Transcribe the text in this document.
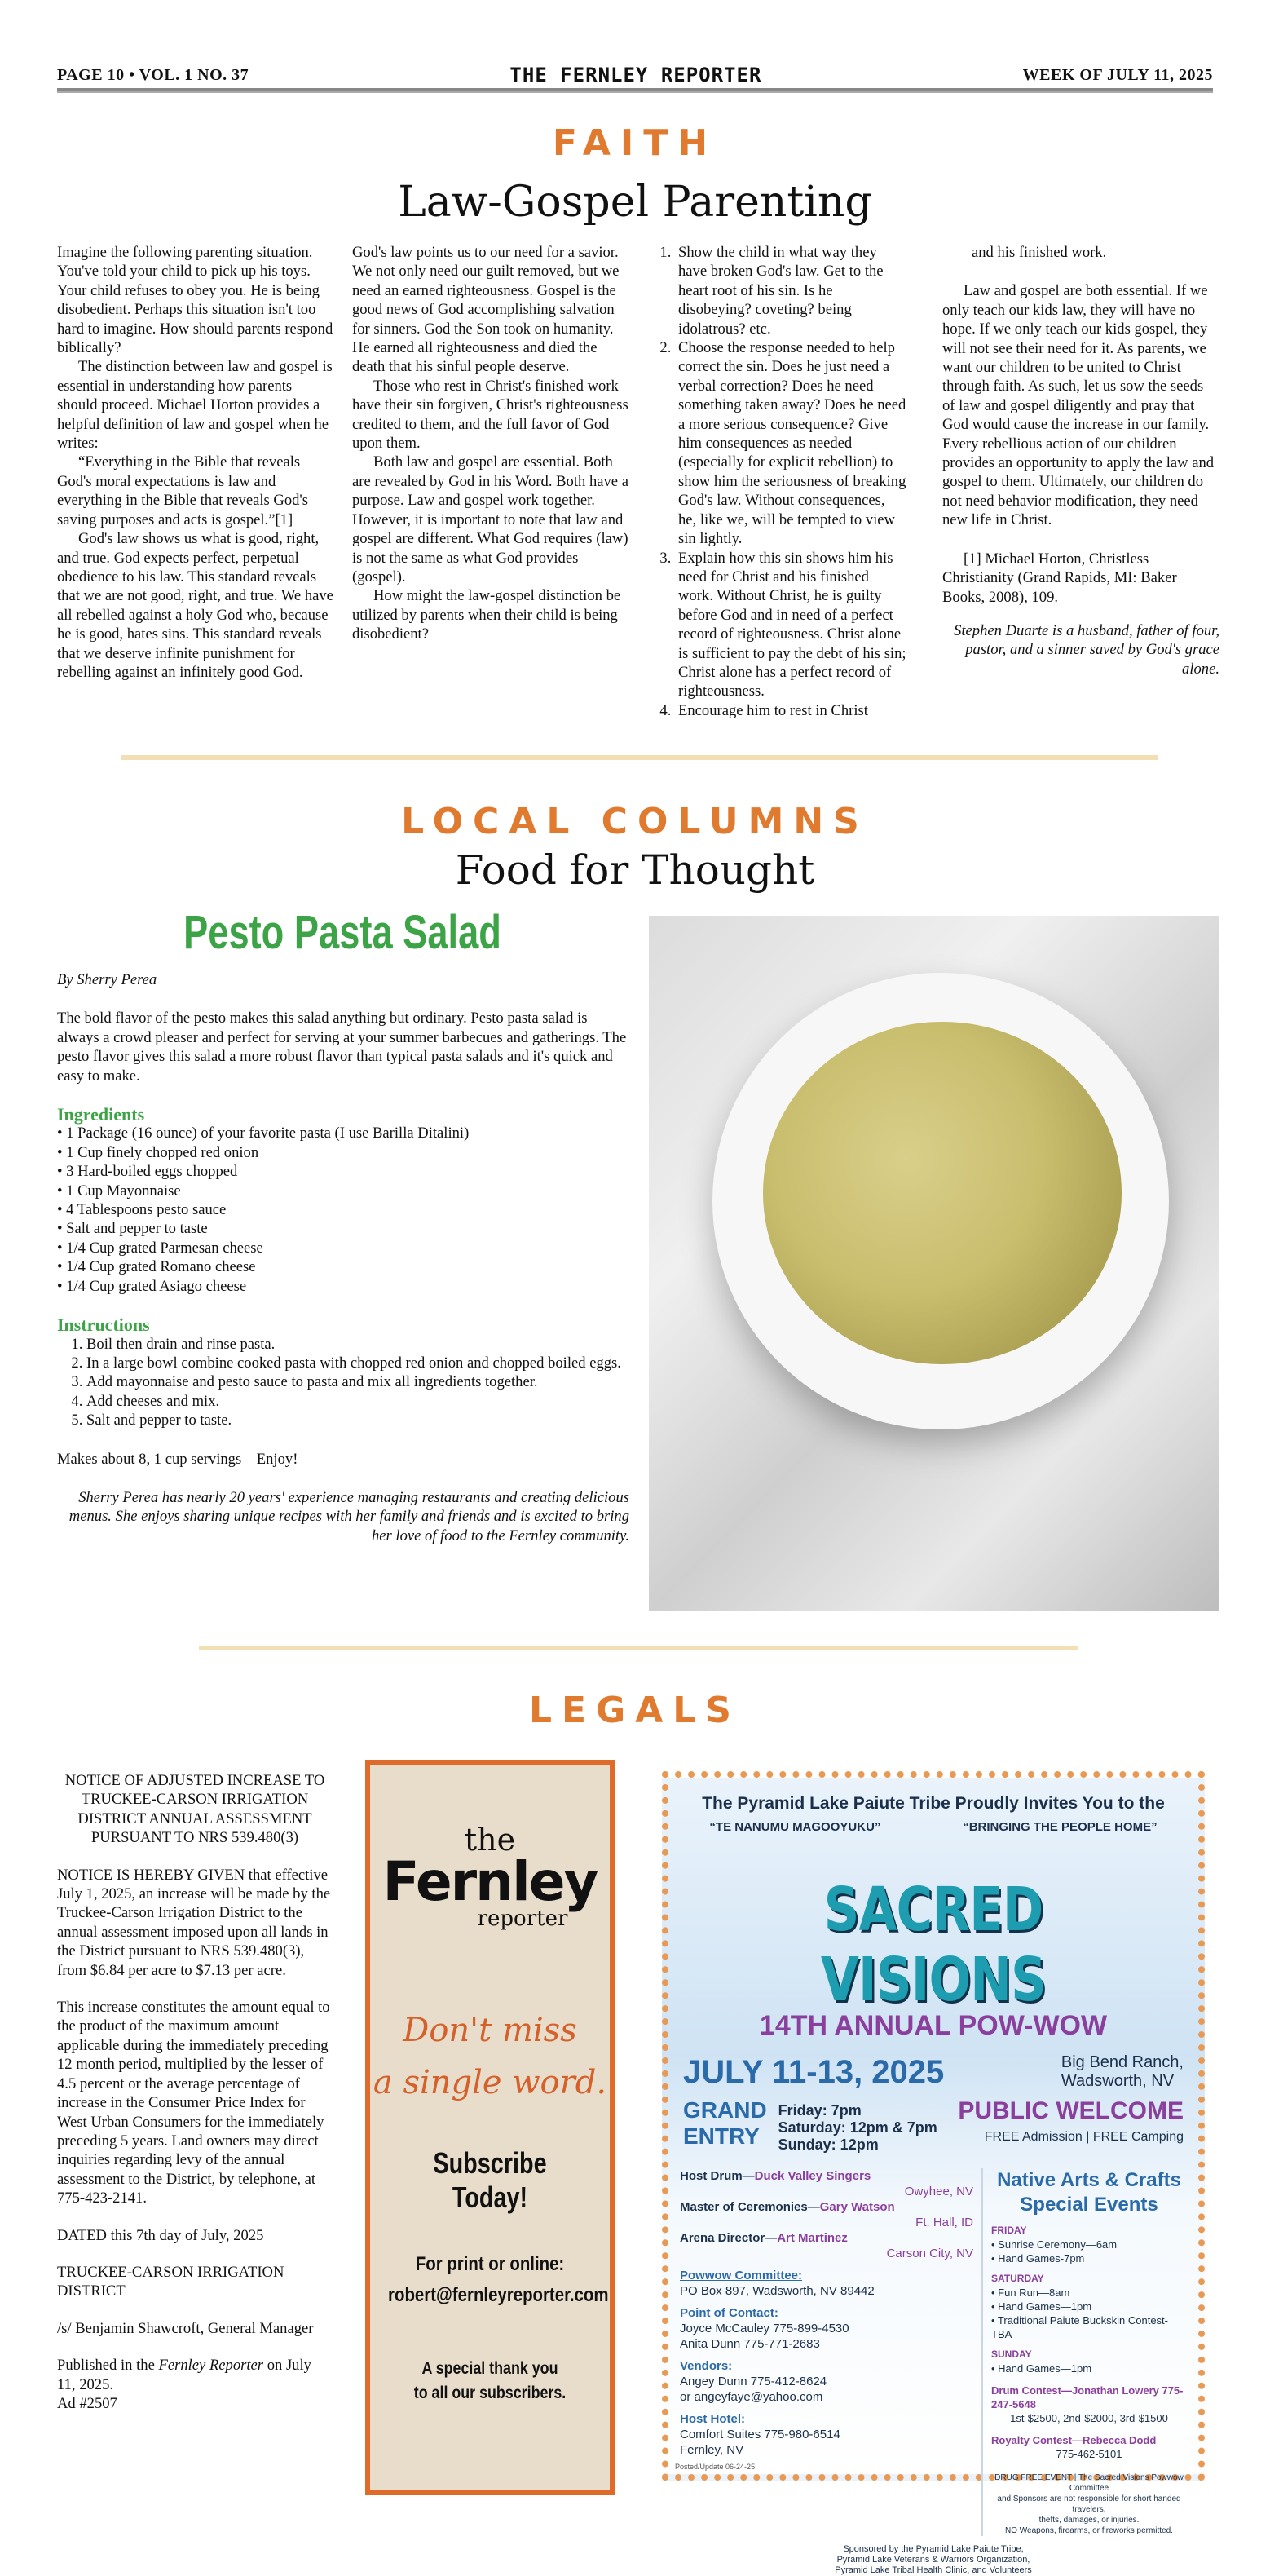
PAGE 10 • VOL. 1 NO. 37	THE FERNLEY REPORTER	WEEK OF JULY 11, 2025
FAITH
Law-Gospel Parenting

Imagine the following parenting situation. You've told your child to pick up his toys. Your child refuses to obey you. He is being disobedient. Perhaps this situation isn't too hard to imagine. How should parents respond biblically?

The distinction between law and gospel is essential in understanding how parents should proceed. Michael Horton provides a helpful definition of law and gospel when he writes:

“Everything in the Bible that reveals God's moral expectations is law and everything in the Bible that reveals God's saving purposes and acts is gospel.”[1]

God's law shows us what is good, right, and true. God expects perfect, perpetual obedience to his law. This standard reveals that we are not good, right, and true. We have all rebelled against a holy God who, because he is good, hates sins. This standard reveals that we deserve infinite punishment for rebelling against an infinitely good God.

God's law points us to our need for a savior. We not only need our guilt removed, but we need an earned righteousness. Gospel is the good news of God accomplishing salvation for sinners. God the Son took on humanity. He earned all righteousness and died the death that his sinful people deserve.

Those who rest in Christ's finished work have their sin forgiven, Christ's righteousness credited to them, and the full favor of God upon them.

Both law and gospel are essential. Both are revealed by God in his Word. Both have a purpose. Law and gospel work together. However, it is important to note that law and gospel are different. What God requires (law) is not the same as what God provides (gospel).

How might the law-gospel distinction be utilized by parents when their child is being disobedient?

1. Show the child in what way they have broken God's law. Get to the heart root of his sin. Is he disobeying? coveting? being idolatrous? etc.
2. Choose the response needed to help correct the sin. Does he just need a verbal correction? Does he need something taken away? Does he need a more serious consequence? Give him consequences as needed (especially for explicit rebellion) to show him the seriousness of breaking God's law. Without consequences, he, like we, will be tempted to view sin lightly.
3. Explain how this sin shows him his need for Christ and his finished work. Without Christ, he is guilty before God and in need of a perfect record of righteousness. Christ alone is sufficient to pay the debt of his sin; Christ alone has a perfect record of righteousness.
4. Encourage him to rest in Christ

and his finished work.

Law and gospel are both essential. If we only teach our kids law, they will have no hope. If we only teach our kids gospel, they will not see their need for it. As parents, we want our children to be united to Christ through faith. As such, let us sow the seeds of law and gospel diligently and pray that God would cause the increase in our family. Every rebellious action of our children provides an opportunity to apply the law and gospel to them. Ultimately, our children do not need behavior modification, they need new life in Christ.

[1] Michael Horton, Christless Christianity (Grand Rapids, MI: Baker Books, 2008), 109.

Stephen Duarte is a husband, father of four, pastor, and a sinner saved by God's grace alone.

LOCAL COLUMNS
Food for Thought
Pesto Pasta Salad

By Sherry Perea

The bold flavor of the pesto makes this salad anything but ordinary. Pesto pasta salad is always a crowd pleaser and perfect for serving at your summer barbecues and gatherings. The pesto flavor gives this salad a more robust flavor than typical pasta salads and it's quick and easy to make.

Ingredients

• 1 Package (16 ounce) of your favorite pasta (I use Barilla Ditalini)
• 1 Cup finely chopped red onion
• 3 Hard-boiled eggs chopped
• 1 Cup Mayonnaise
• 4 Tablespoons pesto sauce
• Salt and pepper to taste
• 1/4 Cup grated Parmesan cheese
• 1/4 Cup grated Romano cheese
• 1/4 Cup grated Asiago cheese

Instructions

1. Boil then drain and rinse pasta.
2. In a large bowl combine cooked pasta with chopped red onion and chopped boiled eggs.
3. Add mayonnaise and pesto sauce to pasta and mix all ingredients together.
4. Add cheeses and mix.
5. Salt and pepper to taste.

Makes about 8, 1 cup servings – Enjoy!

Sherry Perea has nearly 20 years' experience managing restaurants and creating delicious menus. She enjoys sharing unique recipes with her family and friends and is excited to bring her love of food to the Fernley community.

LEGALS

NOTICE OF ADJUSTED INCREASE TO TRUCKEE-CARSON IRRIGATION DISTRICT ANNUAL ASSESSMENT PURSUANT TO NRS 539.480(3)

NOTICE IS HEREBY GIVEN that effective July 1, 2025, an increase will be made by the Truckee-Carson Irrigation District to the annual assessment imposed upon all lands in the District pursuant to NRS 539.480(3), from $6.84 per acre to $7.13 per acre.

This increase constitutes the amount equal to the product of the maximum amount applicable during the immediately preceding 12 month period, multiplied by the lesser of 4.5 percent or the average percentage of increase in the Consumer Price Index for West Urban Consumers for the immediately preceding 5 years. Land owners may direct inquiries regarding levy of the annual assessment to the District, by telephone, at 775-423-2141.

DATED this 7th day of July, 2025

TRUCKEE-CARSON IRRIGATION DISTRICT

/s/ Benjamin Shawcroft, General Manager

Published in the Fernley Reporter on July 11, 2025.

Ad #2507

the
Fernley
reporter
Don't miss
a single word.
Subscribe Today!
For print or online:
robert@fernleyreporter.com
A special thank you
to all our subscribers.
The Pyramid Lake Paiute Tribe Proudly Invites You to the
“TE NANUMU MAGOOYUKU”	“BRINGING THE PEOPLE HOME”
SACRED VISIONS
14TH ANNUAL POW-WOW
JULY 11-13, 2025	Big Bend Ranch,
Wadsworth, NV
GRAND
ENTRY
Friday: 7pm
Saturday: 12pm & 7pm
Sunday: 12pm
PUBLIC WELCOME
FREE Admission | FREE Camping
Host Drum—Duck Valley Singers
Owyhee, NV
Master of Ceremonies—Gary Watson
Ft. Hall, ID
Arena Director—Art Martinez
Carson City, NV
Powwow Committee:
PO Box 897, Wadsworth, NV 89442
Point of Contact:
Joyce McCauley 775-899-4530
Anita Dunn 775-771-2683
Vendors:
Angey Dunn 775-412-8624
or angeyfaye@yahoo.com
Host Hotel:
Comfort Suites 775-980-6514
Fernley, NV
Native Arts & Crafts
Special Events
FRIDAY
• Sunrise Ceremony—6am
• Hand Games-7pm
SATURDAY
• Fun Run—8am
• Hand Games—1pm
• Traditional Paiute Buckskin Contest-TBA
SUNDAY
• Hand Games—1pm
Drum Contest—Jonathan Lowery 775-247-5648
1st-$2500, 2nd-$2000, 3rd-$1500
Royalty Contest—Rebecca Dodd
775-462-5101
DRUG FREE EVENT | The Sacred Visions Powwow Committee
and Sponsors are not responsible for short handed travelers,
thefts, damages, or injuries.
NO Weapons, firearms, or fireworks permitted.
Sponsored by the Pyramid Lake Paiute Tribe,
Pyramid Lake Veterans & Warriors Organization,
Pyramid Lake Tribal Health Clinic, and Volunteers
Posted/Update 06-24-25
